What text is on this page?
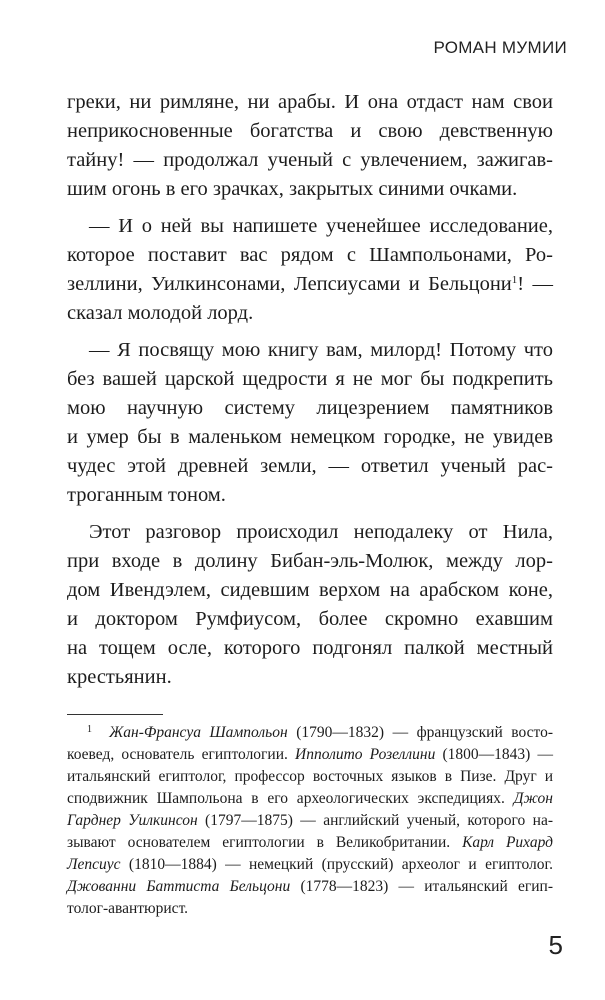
РОМАН МУМИИ
греки, ни римляне, ни арабы. И она отдаст нам свои
неприкосновенные богатства и свою девственную
тайну! — продолжал ученый с увлечением, зажигав-
шим огонь в его зрачках, закрытых синими очками.
— И о ней вы напишете ученейшее исследование,
которое поставит вас рядом с Шампольонами, Ро-
зеллини, Уилкинсонами, Лепсиусами и Бельцони$^1$! —
сказал молодой лорд.
— Я посвящу мою книгу вам, милорд! Потому что
без вашей царской щедрости я не мог бы подкрепить
мою научную систему лицезрением памятников
и умер бы в маленьком немецком городке, не увидев
чудес этой древней земли, — ответил ученый рас-
троганным тоном.
Этот разговор происходил неподалеку от Нила,
при входе в долину Бибан-эль-Молюк, между лор-
дом Ивендэлем, сидевшим верхом на арабском коне,
и доктором Румфиусом, более скромно ехавшим
на тощем осле, которого подгонял палкой местный
крестьянин.
$^1$ Жан-Франсуа Шампольон (1790—1832) — французский восто-
коевед, основатель египтологии. Ипполито Розеллини (1800—1843) —
итальянский египтолог, профессор восточных языков в Пизе. Друг и
сподвижник Шампольона в его археологических экспедициях. Джон
Гарднер Уилкинсон (1797—1875) — английский ученый, которого на-
зывают основателем египтологии в Великобритании. Карл Рихард
Лепсиус (1810—1884) — немецкий (прусский) археолог и египтолог.
Джованни Баттиста Бельцони (1778—1823) — итальянский егип-
толог-авантюрист.
5
